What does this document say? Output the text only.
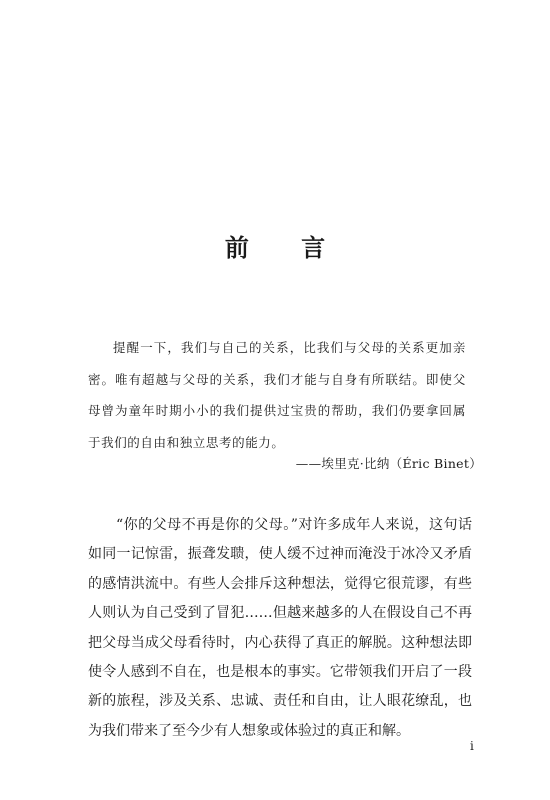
前 言

提醒一下，我们与自己的关系，比我们与父母的关系更加亲密。唯有超越与父母的关系，我们才能与自身有所联结。即使父母曾为童年时期小小的我们提供过宝贵的帮助，我们仍要拿回属于我们的自由和独立思考的能力。

——埃里克·比纳（Éric Binet）

“你的父母不再是你的父母。”对许多成年人来说，这句话如同一记惊雷，振聋发聩，使人缓不过神而淹没于冰冷又矛盾的感情洪流中。有些人会排斥这种想法，觉得它很荒谬，有些人则认为自己受到了冒犯……但越来越多的人在假设自己不再把父母当成父母看待时，内心获得了真正的解脱。这种想法即使令人感到不自在，也是根本的事实。它带领我们开启了一段新的旅程，涉及关系、忠诚、责任和自由，让人眼花缭乱，也为我们带来了至今少有人想象或体验过的真正和解。

i
